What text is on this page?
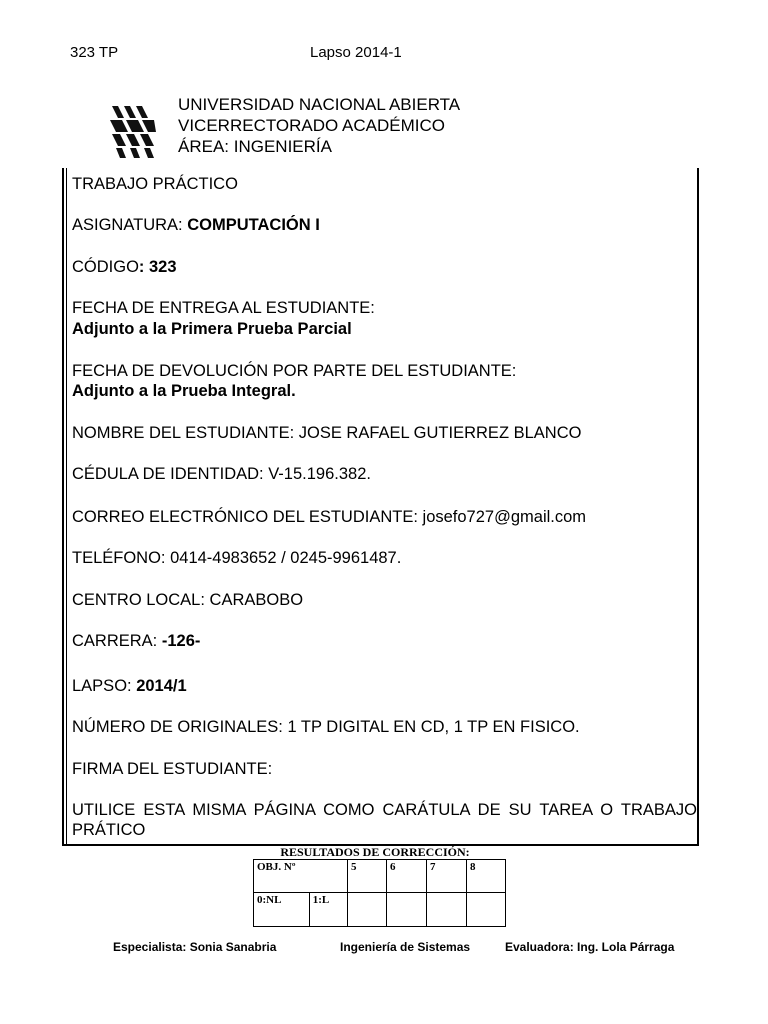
323 TP	Lapso 2014-1
UNIVERSIDAD NACIONAL ABIERTA
VICERRECTORADO ACADÉMICO
ÁREA: INGENIERÍA
TRABAJO PRÁCTICO
ASIGNATURA: COMPUTACIÓN I
CÓDIGO: 323
FECHA DE ENTREGA AL ESTUDIANTE:
Adjunto a la Primera Prueba Parcial
FECHA DE DEVOLUCIÓN POR PARTE DEL ESTUDIANTE:
Adjunto a la Prueba Integral.
NOMBRE DEL ESTUDIANTE: JOSE RAFAEL GUTIERREZ BLANCO
CÉDULA DE IDENTIDAD: V-15.196.382.
CORREO ELECTRÓNICO DEL ESTUDIANTE: josefo727@gmail.com
TELÉFONO: 0414-4983652 / 0245-9961487.
CENTRO LOCAL: CARABOBO
CARRERA: -126-
LAPSO: 2014/1
NÚMERO DE ORIGINALES: 1 TP DIGITAL EN CD, 1 TP EN FISICO.
FIRMA DEL ESTUDIANTE:
UTILICE ESTA MISMA PÁGINA COMO CARÁTULA DE SU TAREA O TRABAJO PRÁTICO
RESULTADOS DE CORRECCIÓN:
OBJ. Nº		5	6	7	8
0:NL	1:L				
Especialista: Sonia Sanabria	Ingeniería de Sistemas	Evaluadora: Ing. Lola Párraga
